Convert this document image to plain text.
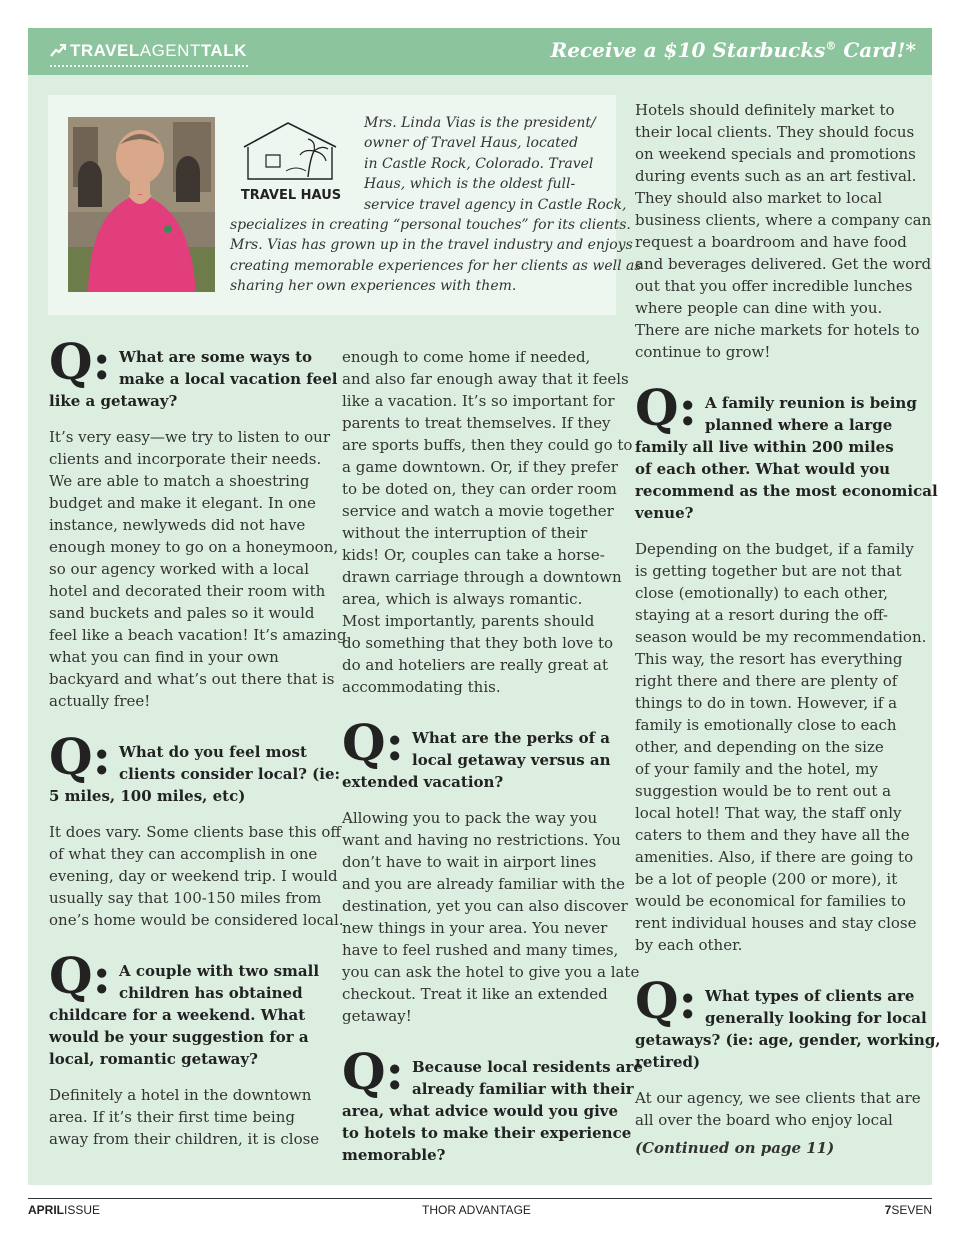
TRAVELAGENTTALK	Receive a $10 Starbucks® Card!*
TRAVEL HAUS
Mrs. Linda Vias is the president/
owner of Travel Haus, located
in Castle Rock, Colorado. Travel
Haus, which is the oldest full-
service travel agency in Castle Rock,
specializes in creating “personal touches” for its clients.
Mrs. Vias has grown up in the travel industry and enjoys
creating memorable experiences for her clients as well as
sharing her own experiences with them.
Q: What are some ways to
make a local vacation feel
like a getaway?
It’s very easy—we try to listen to our
clients and incorporate their needs.
We are able to match a shoestring
budget and make it elegant. In one
instance, newlyweds did not have
enough money to go on a honeymoon,
so our agency worked with a local
hotel and decorated their room with
sand buckets and pales so it would
feel like a beach vacation! It’s amazing
what you can find in your own
backyard and what’s out there that is
actually free!
Q: What do you feel most
clients consider local? (ie:
5 miles, 100 miles, etc)
It does vary. Some clients base this off
of what they can accomplish in one
evening, day or weekend trip. I would
usually say that 100-150 miles from
one’s home would be considered local.
Q: A couple with two small
children has obtained
childcare for a weekend. What
would be your suggestion for a
local, romantic getaway?
Definitely a hotel in the downtown
area. If it’s their first time being
away from their children, it is close
enough to come home if needed,
and also far enough away that it feels
like a vacation. It’s so important for
parents to treat themselves. If they
are sports buffs, then they could go to
a game downtown. Or, if they prefer
to be doted on, they can order room
service and watch a movie together
without the interruption of their
kids! Or, couples can take a horse-
drawn carriage through a downtown
area, which is always romantic.
Most importantly, parents should
do something that they both love to
do and hoteliers are really great at
accommodating this.
Q: What are the perks of a
local getaway versus an
extended vacation?
Allowing you to pack the way you
want and having no restrictions. You
don’t have to wait in airport lines
and you are already familiar with the
destination, yet you can also discover
new things in your area. You never
have to feel rushed and many times,
you can ask the hotel to give you a late
checkout. Treat it like an extended
getaway!
Q: Because local residents are
already familiar with their
area, what advice would you give
to hotels to make their experience
memorable?
Hotels should definitely market to
their local clients. They should focus
on weekend specials and promotions
during events such as an art festival.
They should also market to local
business clients, where a company can
request a boardroom and have food
and beverages delivered. Get the word
out that you offer incredible lunches
where people can dine with you.
There are niche markets for hotels to
continue to grow!
Q: A family reunion is being
planned where a large
family all live within 200 miles
of each other. What would you
recommend as the most economical
venue?
Depending on the budget, if a family
is getting together but are not that
close (emotionally) to each other,
staying at a resort during the off-
season would be my recommendation.
This way, the resort has everything
right there and there are plenty of
things to do in town. However, if a
family is emotionally close to each
other, and depending on the size
of your family and the hotel, my
suggestion would be to rent out a
local hotel! That way, the staff only
caters to them and they have all the
amenities. Also, if there are going to
be a lot of people (200 or more), it
would be economical for families to
rent individual houses and stay close
by each other.
Q: What types of clients are
generally looking for local
getaways? (ie: age, gender, working,
retired)
At our agency, we see clients that are
all over the board who enjoy local
(Continued on page 11)
APRILISSUE	THOR ADVANTAGE	7SEVEN
